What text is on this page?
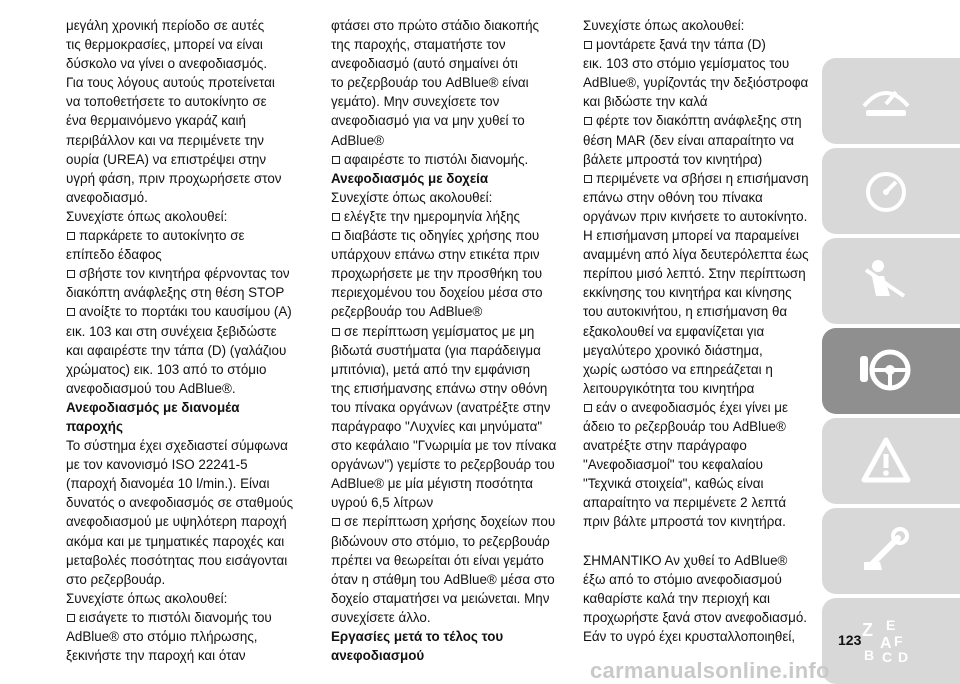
μεγάλη χρονική περίοδο σε αυτές

τις θερμοκρασίες, μπορεί να είναι

δύσκολο να γίνει ο ανεφοδιασμός.

Για τους λόγους αυτούς προτείνεται

να τοποθετήσετε το αυτοκίνητο σε

ένα θερμαινόμενο γκαράζ καιή

περιβάλλον και να περιμένετε την

ουρία (UREA) να επιστρέψει στην

υγρή φάση, πριν προχωρήσετε στον

ανεφοδιασμό.

Συνεχίστε όπως ακολουθεί:

παρκάρετε το αυτοκίνητο σε

επίπεδο έδαφος

σβήστε τον κινητήρα φέρνοντας τον

διακόπτη ανάφλεξης στη θέση STOP

ανοίξτε το πορτάκι του καυσίμου (A)

εικ. 103 και στη συνέχεια ξεβιδώστε

και αφαιρέστε την τάπα (D) (γαλάζιου

χρώματος) εικ. 103 από το στόμιο

ανεφοδιασμού του AdBlue®.

Ανεφοδιασμός με διανομέα

παροχής

Το σύστημα έχει σχεδιαστεί σύμφωνα

με τον κανονισμό ISO 22241-5

(παροχή διανομέα 10 l/min.). Είναι

δυνατός ο ανεφοδιασμός σε σταθμούς

ανεφοδιασμού με υψηλότερη παροχή

ακόμα και με τμηματικές παροχές και

μεταβολές ποσότητας που εισάγονται

στο ρεζερβουάρ.

Συνεχίστε όπως ακολουθεί:

εισάγετε το πιστόλι διανομής του

AdBlue® στο στόμιο πλήρωσης,

ξεκινήστε την παροχή και όταν

φτάσει στο πρώτο στάδιο διακοπής

της παροχής, σταματήστε τον

ανεφοδιασμό (αυτό σημαίνει ότι

το ρεζερβουάρ του AdBlue® είναι

γεμάτο). Μην συνεχίσετε τον

ανεφοδιασμό για να μην χυθεί το

AdBlue®

αφαιρέστε το πιστόλι διανομής.

Ανεφοδιασμός με δοχεία

Συνεχίστε όπως ακολουθεί:

ελέγξτε την ημερομηνία λήξης
διαβάστε τις οδηγίες χρήσης που

υπάρχουν επάνω στην ετικέτα πριν

προχωρήσετε με την προσθήκη του

περιεχομένου του δοχείου μέσα στο

ρεζερβουάρ του AdBlue®

σε περίπτωση γεμίσματος με μη

βιδωτά συστήματα (για παράδειγμα

μπιτόνια), μετά από την εμφάνιση

της επισήμανσης επάνω στην οθόνη

του πίνακα οργάνων (ανατρέξτε στην

παράγραφο "Λυχνίες και μηνύματα"

στο κεφάλαιο "Γνωριμία με τον πίνακα

οργάνων") γεμίστε το ρεζερβουάρ του

AdBlue® με μία μέγιστη ποσότητα

υγρού 6,5 λίτρων

σε περίπτωση χρήσης δοχείων που

βιδώνουν στο στόμιο, το ρεζερβουάρ

πρέπει να θεωρείται ότι είναι γεμάτο

όταν η στάθμη του AdBlue® μέσα στο

δοχείο σταματήσει να μειώνεται. Μην

συνεχίσετε άλλο.

Εργασίες μετά το τέλος του

ανεφοδιασμού

Συνεχίστε όπως ακολουθεί:

μοντάρετε ξανά την τάπα (D)

εικ. 103 στο στόμιο γεμίσματος του

AdBlue®, γυρίζοντάς την δεξιόστροφα

και βιδώστε την καλά

φέρτε τον διακόπτη ανάφλεξης στη

θέση MAR (δεν είναι απαραίτητο να

βάλετε μπροστά τον κινητήρα)

περιμένετε να σβήσει η επισήμανση

επάνω στην οθόνη του πίνακα

οργάνων πριν κινήσετε το αυτοκίνητο.

Η επισήμανση μπορεί να παραμείνει

αναμμένη από λίγα δευτερόλεπτα έως

περίπου μισό λεπτό. Στην περίπτωση

εκκίνησης του κινητήρα και κίνησης

του αυτοκινήτου, η επισήμανση θα

εξακολουθεί να εμφανίζεται για

μεγαλύτερο χρονικό διάστημα,

χωρίς ωστόσο να επηρεάζεται η

λειτουργικότητα του κινητήρα

εάν ο ανεφοδιασμός έχει γίνει με

άδειο το ρεζερβουάρ του AdBlue®

ανατρέξτε στην παράγραφο

"Ανεφοδιασμοί" του κεφαλαίου

"Τεχνικά στοιχεία", καθώς είναι

απαραίτητο να περιμένετε 2 λεπτά

πριν βάλτε μπροστά τον κινητήρα.

ΣΗΜΑΝΤΙΚΟ Αν χυθεί το AdBlue®

έξω από το στόμιο ανεφοδιασμού

καθαρίστε καλά την περιοχή και

προχωρήστε ξανά στον ανεφοδιασμό.

Εάν το υγρό έχει κρυσταλλοποιηθεί,	Z E
A F
B C D
123
carmanualsonline.info
